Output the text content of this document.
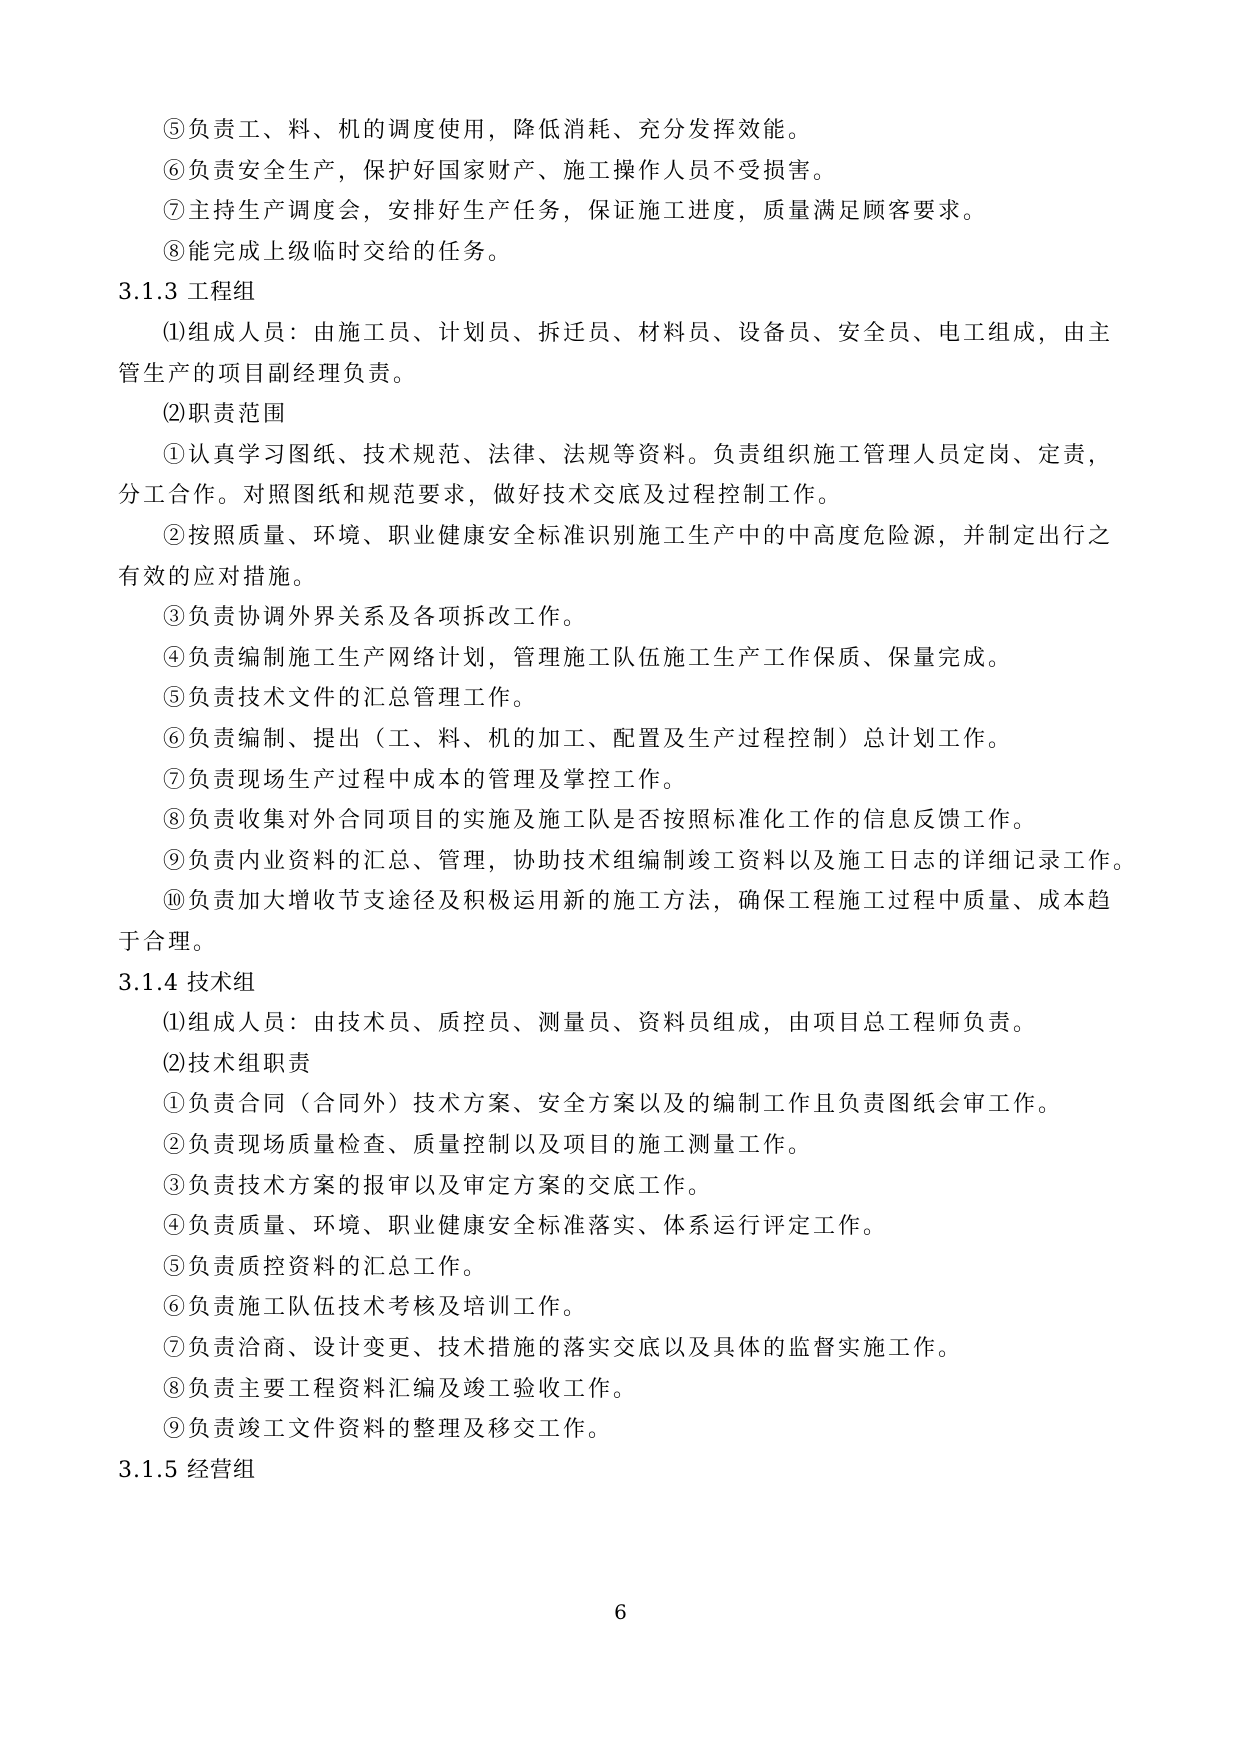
⑤负责工、料、机的调度使用，降低消耗、充分发挥效能。
⑥负责安全生产，保护好国家财产、施工操作人员不受损害。
⑦主持生产调度会，安排好生产任务，保证施工进度，质量满足顾客要求。
⑧能完成上级临时交给的任务。
3.1.3 工程组
⑴组成人员：由施工员、计划员、拆迁员、材料员、设备员、安全员、电工组成，由主
管生产的项目副经理负责。
⑵职责范围
①认真学习图纸、技术规范、法律、法规等资料。负责组织施工管理人员定岗、定责，
分工合作。对照图纸和规范要求，做好技术交底及过程控制工作。
②按照质量、环境、职业健康安全标准识别施工生产中的中高度危险源，并制定出行之
有效的应对措施。
③负责协调外界关系及各项拆改工作。
④负责编制施工生产网络计划，管理施工队伍施工生产工作保质、保量完成。
⑤负责技术文件的汇总管理工作。
⑥负责编制、提出（工、料、机的加工、配置及生产过程控制）总计划工作。
⑦负责现场生产过程中成本的管理及掌控工作。
⑧负责收集对外合同项目的实施及施工队是否按照标准化工作的信息反馈工作。
⑨负责内业资料的汇总、管理，协助技术组编制竣工资料以及施工日志的详细记录工作。
⑩负责加大增收节支途径及积极运用新的施工方法，确保工程施工过程中质量、成本趋
于合理。
3.1.4 技术组
⑴组成人员：由技术员、质控员、测量员、资料员组成，由项目总工程师负责。
⑵技术组职责
①负责合同（合同外）技术方案、安全方案以及的编制工作且负责图纸会审工作。
②负责现场质量检查、质量控制以及项目的施工测量工作。
③负责技术方案的报审以及审定方案的交底工作。
④负责质量、环境、职业健康安全标准落实、体系运行评定工作。
⑤负责质控资料的汇总工作。
⑥负责施工队伍技术考核及培训工作。
⑦负责洽商、设计变更、技术措施的落实交底以及具体的监督实施工作。
⑧负责主要工程资料汇编及竣工验收工作。
⑨负责竣工文件资料的整理及移交工作。
3.1.5 经营组
6
